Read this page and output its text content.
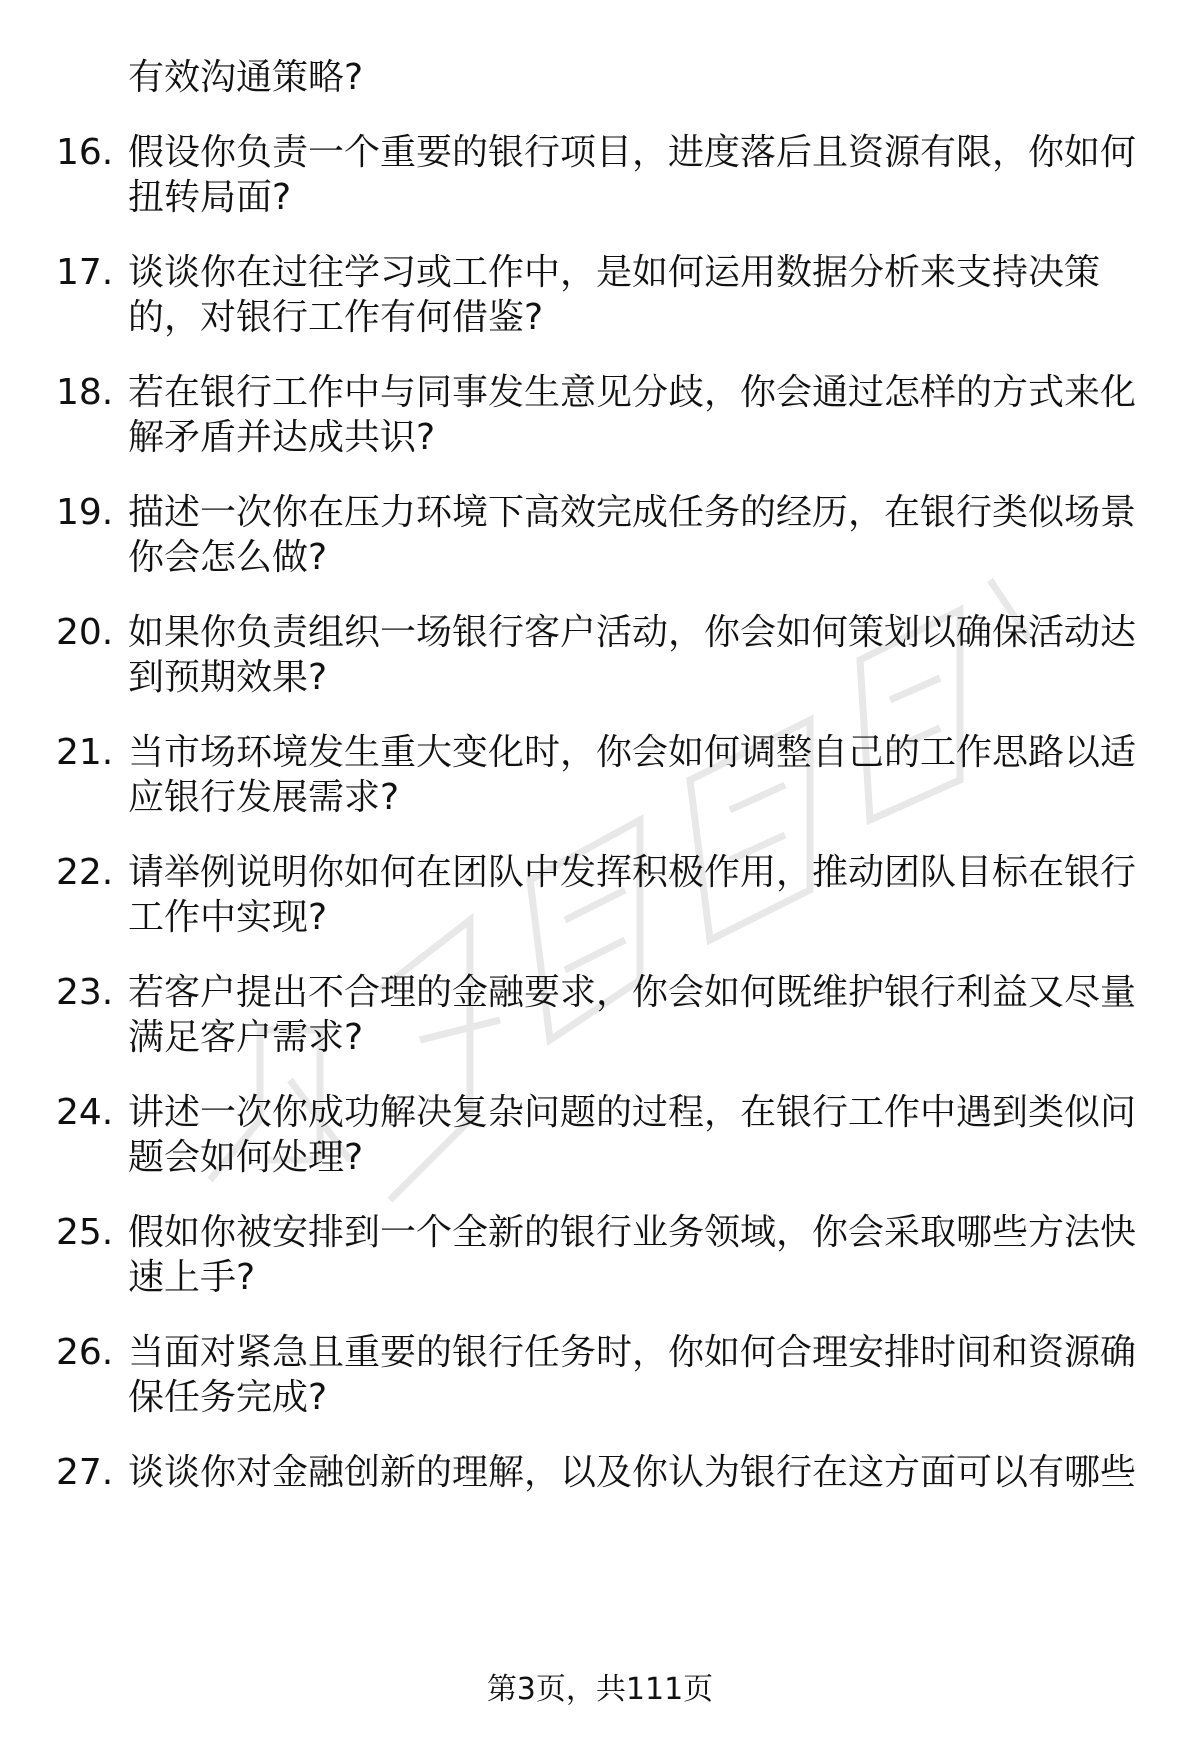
有效沟通策略?
16. 假设你负责一个重要的银行项目，进度落后且资源有限，你如何
扭转局面?
17. 谈谈你在过往学习或工作中，是如何运用数据分析来支持决策
的，对银行工作有何借鉴?
18. 若在银行工作中与同事发生意见分歧，你会通过怎样的方式来化
解矛盾并达成共识?
19. 描述一次你在压力环境下高效完成任务的经历，在银行类似场景
你会怎么做?
20. 如果你负责组织一场银行客户活动，你会如何策划以确保活动达
到预期效果?
21. 当市场环境发生重大变化时，你会如何调整自己的工作思路以适
应银行发展需求?
22. 请举例说明你如何在团队中发挥积极作用，推动团队目标在银行
工作中实现?
23. 若客户提出不合理的金融要求，你会如何既维护银行利益又尽量
满足客户需求?
24. 讲述一次你成功解决复杂问题的过程，在银行工作中遇到类似问
题会如何处理?
25. 假如你被安排到一个全新的银行业务领域，你会采取哪些方法快
速上手?
26. 当面对紧急且重要的银行任务时，你如何合理安排时间和资源确
保任务完成?
27. 谈谈你对金融创新的理解，以及你认为银行在这方面可以有哪些
第3页，共111页
